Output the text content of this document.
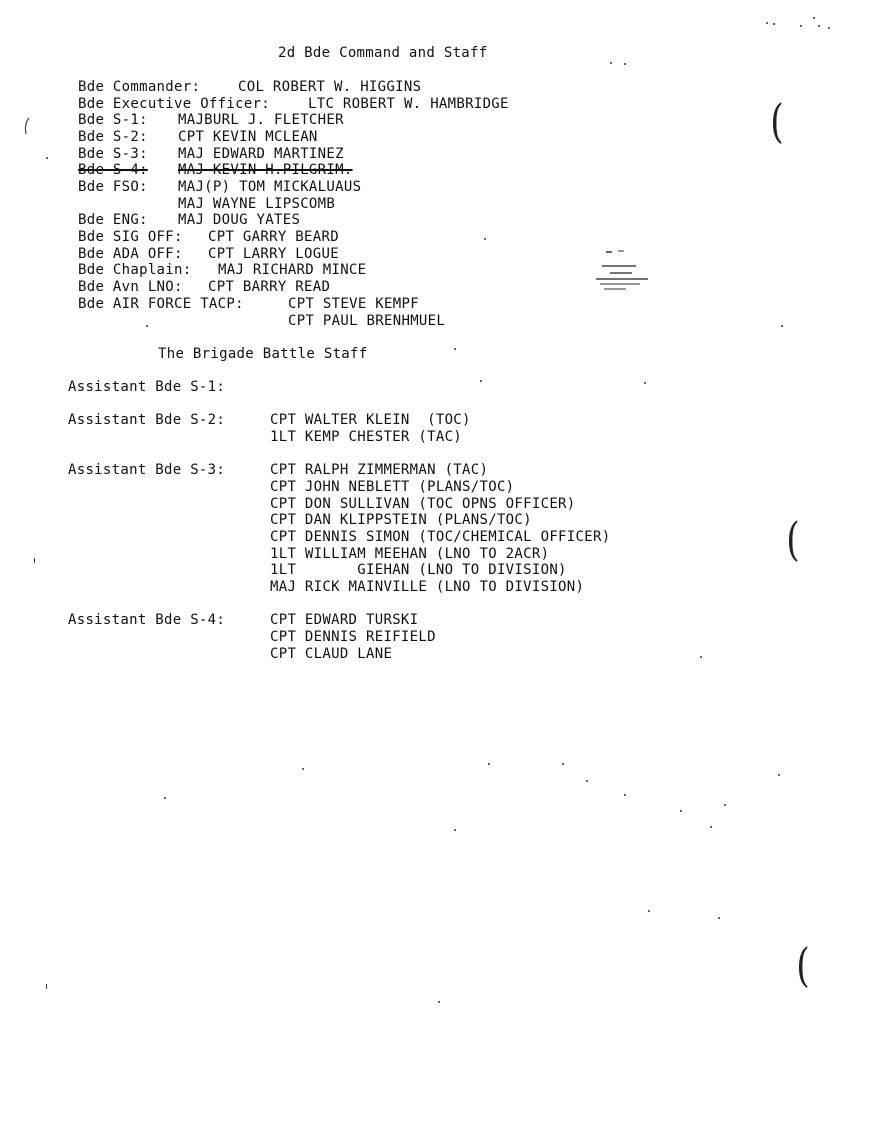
2d Bde Command and Staff
Bde Commander:	COL ROBERT W. HIGGINS
Bde Executive Officer:	LTC ROBERT W. HAMBRIDGE
Bde S-1: MAJBURL J. FLETCHER
Bde S-2: CPT KEVIN MCLEAN
Bde S-3: MAJ EDWARD MARTINEZ
Bde S-4: MAJ KEVIN H.PILGRIM.
Bde FSO: MAJ(P) TOM MICKALUAUS
MAJ WAYNE LIPSCOMB
Bde ENG: MAJ DOUG YATES
Bde SIG OFF: CPT GARRY BEARD
Bde ADA OFF: CPT LARRY LOGUE
Bde Chaplain: MAJ RICHARD MINCE
Bde Avn LNO: CPT BARRY READ
Bde AIR FORCE TACP:	CPT STEVE KEMPF
CPT PAUL BRENHMUEL
The Brigade Battle Staff
Assistant Bde S-1:
Assistant Bde S-2:	CPT WALTER KLEIN  (TOC)
1LT KEMP CHESTER (TAC)
Assistant Bde S-3:	CPT RALPH ZIMMERMAN (TAC)
CPT JOHN NEBLETT (PLANS/TOC)
CPT DON SULLIVAN (TOC OPNS OFFICER)
CPT DAN KLIPPSTEIN (PLANS/TOC)
CPT DENNIS SIMON (TOC/CHEMICAL OFFICER)
1LT WILLIAM MEEHAN (LNO TO 2ACR)
1LT       GIEHAN (LNO TO DIVISION)
MAJ RICK MAINVILLE (LNO TO DIVISION)
Assistant Bde S-4:	CPT EDWARD TURSKI
CPT DENNIS REIFIELD
CPT CLAUD LANE
(
(
(
